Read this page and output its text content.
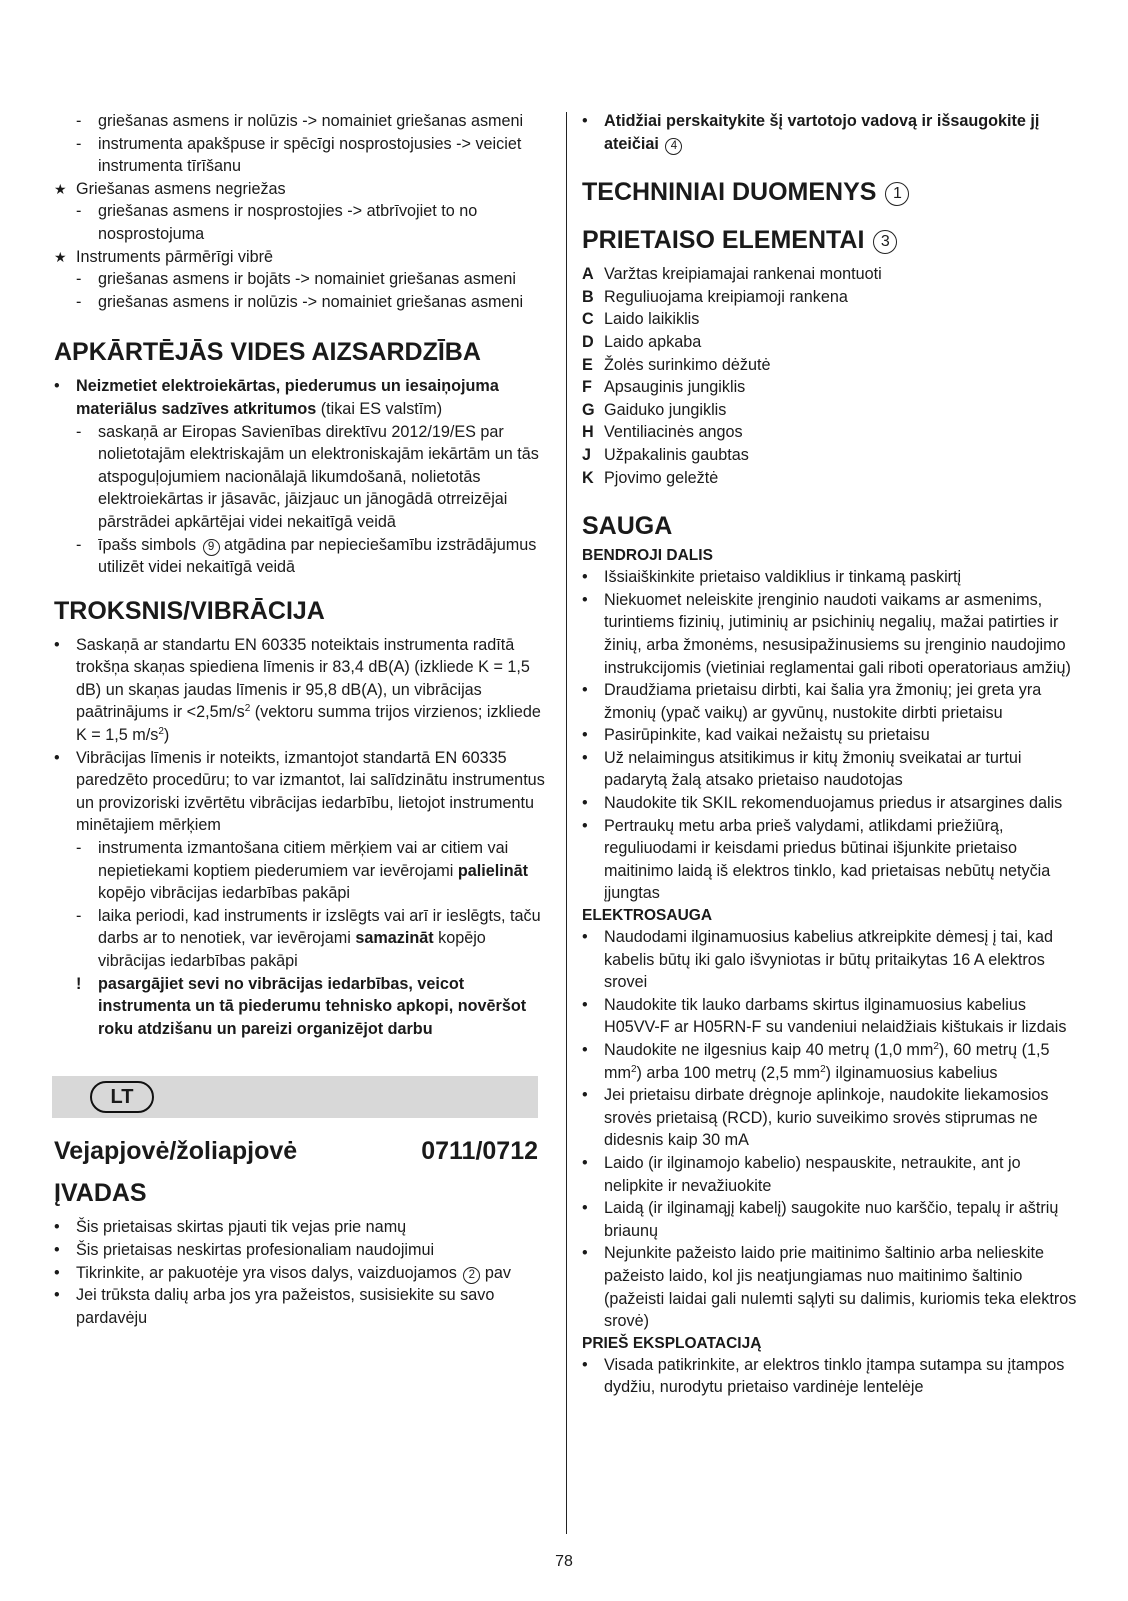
- griešanas asmens ir nolūzis -> nomainiet griešanas asmeni
- instrumenta apakšpuse ir spēcīgi nosprostojusies -> veiciet instrumenta tīrīšanu
★ Griešanas asmens negriežas
- griešanas asmens ir nosprostojies -> atbrīvojiet to no nosprostojuma
★ Instruments pārmērīgi vibrē
- griešanas asmens ir bojāts -> nomainiet griešanas asmeni
- griešanas asmens ir nolūzis -> nomainiet griešanas asmeni
APKĀRTĒJĀS VIDES AIZSARDZĪBA
• Neizmetiet elektroiekārtas, piederumus un iesaiņojuma materiālus sadzīves atkritumos (tikai ES valstīm)
- saskaņā ar Eiropas Savienības direktīvu 2012/19/ES par nolietotajām elektriskajām un elektroniskajām iekārtām un tās atspoguļojumiem nacionālajā likumdošanā, nolietotās elektroiekārtas ir jāsavāc, jāizjauc un jānogādā otrreizējai pārstrādei apkārtējai videi nekaitīgā veidā
- īpašs simbols 9 atgādina par nepieciešamību izstrādājumus utilizēt videi nekaitīgā veidā
TROKSNIS/VIBRĀCIJA
• Saskaņā ar standartu EN 60335 noteiktais instrumenta radītā trokšņa skaņas spiediena līmenis ir 83,4 dB(A) (izkliede K = 1,5 dB) un skaņas jaudas līmenis ir 95,8 dB(A), un vibrācijas paātrinājums ir $<2,5m/s^2$ (vektoru summa trijos virzienos; izkliede K = 1,5 $m/s^2$)
• Vibrācijas līmenis ir noteikts, izmantojot standartā EN 60335 paredzēto procedūru; to var izmantot, lai salīdzinātu instrumentus un provizoriski izvērtētu vibrācijas iedarbību, lietojot instrumentu minētajiem mērķiem
- instrumenta izmantošana citiem mērķiem vai ar citiem vai nepietiekami koptiem piederumiem var ievērojami palielināt kopējo vibrācijas iedarbības pakāpi
- laika periodi, kad instruments ir izslēgts vai arī ir ieslēgts, taču darbs ar to nenotiek, var ievērojami samazināt kopējo vibrācijas iedarbības pakāpi
! pasargājiet sevi no vibrācijas iedarbības, veicot instrumenta un tā piederumu tehnisko apkopi, novēršot roku atdzišanu un pareizi organizējot darbu
LT
Vejapjovė/žoliapjovė	0711/0712
ĮVADAS
• Šis prietaisas skirtas pjauti tik vejas prie namų
• Šis prietaisas neskirtas profesionaliam naudojimui
• Tikrinkite, ar pakuotėje yra visos dalys, vaizduojamos 2 pav
• Jei trūksta dalių arba jos yra pažeistos, susisiekite su savo pardavėju
• Atidžiai perskaitykite šį vartotojo vadovą ir išsaugokite jį ateičiai 4
TECHNINIAI DUOMENYS 1
PRIETAISO ELEMENTAI 3
A Varžtas kreipiamajai rankenai montuoti
B Reguliuojama kreipiamoji rankena
C Laido laikiklis
D Laido apkaba
E Žolės surinkimo dėžutė
F Apsauginis jungiklis
G Gaiduko jungiklis
H Ventiliacinės angos
J Užpakalinis gaubtas
K Pjovimo geležtė
SAUGA
BENDROJI DALIS
• Išsiaiškinkite prietaiso valdiklius ir tinkamą paskirtį
• Niekuomet neleiskite įrenginio naudoti vaikams ar asmenims, turintiems fizinių, jutiminių ar psichinių negalių, mažai patirties ir žinių, arba žmonėms, nesusipažinusiems su įrenginio naudojimo instrukcijomis (vietiniai reglamentai gali riboti operatoriaus amžių)
• Draudžiama prietaisu dirbti, kai šalia yra žmonių; jei greta yra žmonių (ypač vaikų) ar gyvūnų, nustokite dirbti prietaisu
• Pasirūpinkite, kad vaikai nežaistų su prietaisu
• Už nelaimingus atsitikimus ir kitų žmonių sveikatai ar turtui padarytą žalą atsako prietaiso naudotojas
• Naudokite tik SKIL rekomenduojamus priedus ir atsargines dalis
• Pertraukų metu arba prieš valydami, atlikdami priežiūrą, reguliuodami ir keisdami priedus būtinai išjunkite prietaiso maitinimo laidą iš elektros tinklo, kad prietaisas nebūtų netyčia įjungtas
ELEKTROSAUGA
• Naudodami ilginamuosius kabelius atkreipkite dėmesį į tai, kad kabelis būtų iki galo išvyniotas ir būtų pritaikytas 16 A elektros srovei
• Naudokite tik lauko darbams skirtus ilginamuosius kabelius H05VV-F ar H05RN-F su vandeniui nelaidžiais kištukais ir lizdais
• Naudokite ne ilgesnius kaip 40 metrų (1,0 $mm^2$), 60 metrų (1,5 $mm^2$) arba 100 metrų (2,5 $mm^2$) ilginamuosius kabelius
• Jei prietaisu dirbate drėgnoje aplinkoje, naudokite liekamosios srovės prietaisą (RCD), kurio suveikimo srovės stiprumas ne didesnis kaip 30 mA
• Laido (ir ilginamojo kabelio) nespauskite, netraukite, ant jo nelipkite ir nevažiuokite
• Laidą (ir ilginamąjį kabelį) saugokite nuo karščio, tepalų ir aštrių briaunų
• Nejunkite pažeisto laido prie maitinimo šaltinio arba nelieskite pažeisto laido, kol jis neatjungiamas nuo maitinimo šaltinio (pažeisti laidai gali nulemti sąlyti su dalimis, kuriomis teka elektros srovė)
PRIEŠ EKSPLOATACIJĄ
• Visada patikrinkite, ar elektros tinklo įtampa sutampa su įtampos dydžiu, nurodytu prietaiso vardinėje lentelėje
78
